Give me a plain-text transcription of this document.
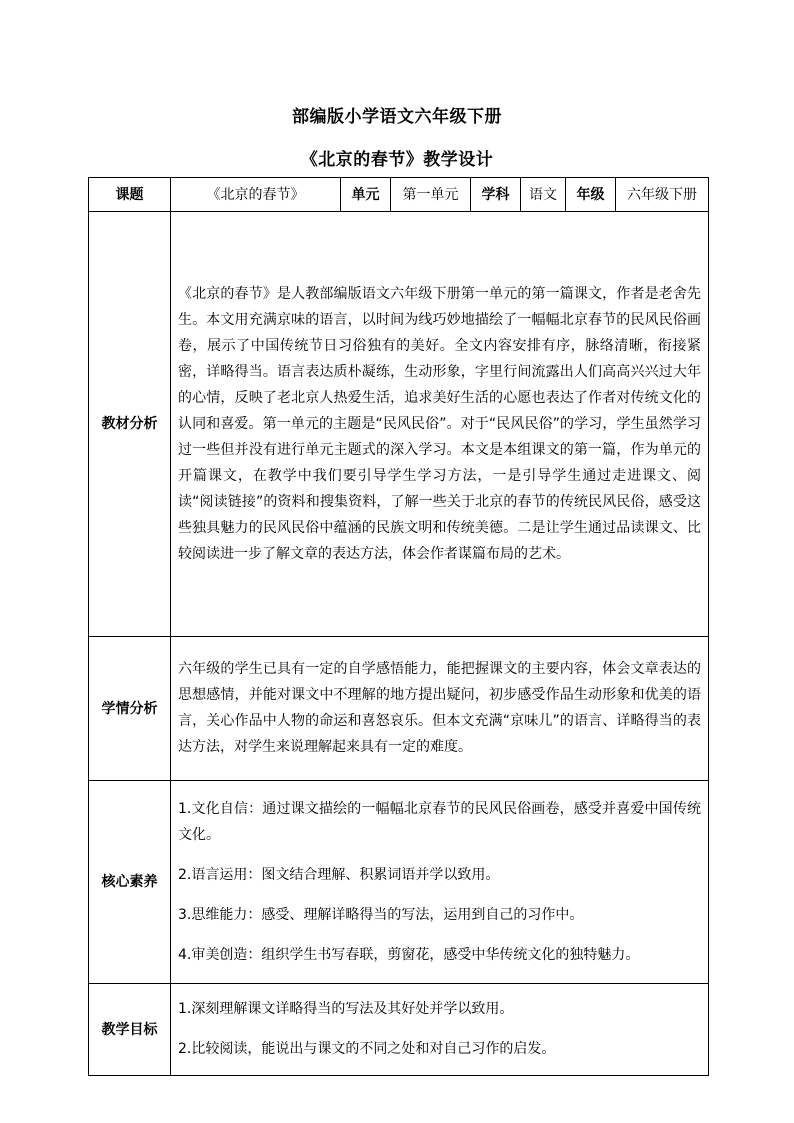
部编版小学语文六年级下册
《北京的春节》教学设计
课题	《北京的春节》	单元	第一单元	学科	语文	年级	六年级下册
教材分析	《北京的春节》是人教部编版语文六年级下册第一单元的第一篇课文，作者是老舍先生。本文用充满京味的语言，以时间为线巧妙地描绘了一幅幅北京春节的民风民俗画卷，展示了中国传统节日习俗独有的美好。全文内容安排有序，脉络清晰，衔接紧密，详略得当。语言表达质朴凝练，生动形象，字里行间流露出人们高高兴兴过大年的心情，反映了老北京人热爱生活，追求美好生活的心愿也表达了作者对传统文化的认同和喜爱。第一单元的主题是“民风民俗”。对于“民风民俗”的学习，学生虽然学习过一些但并没有进行单元主题式的深入学习。本文是本组课文的第一篇，作为单元的开篇课文，在教学中我们要引导学生学习方法，一是引导学生通过走进课文、阅读“阅读链接”的资料和搜集资料，了解一些关于北京的春节的传统民风民俗，感受这些独具魅力的民风民俗中蕴涵的民族文明和传统美德。二是让学生通过品读课文、比较阅读进一步了解文章的表达方法，体会作者谋篇布局的艺术。						

学情分析	六年级的学生已具有一定的自学感悟能力，能把握课文的主要内容，体会文章表达的思想感情，并能对课文中不理解的地方提出疑问，初步感受作品生动形象和优美的语言，关心作品中人物的命运和喜怒哀乐。但本文充满“京味儿”的语言、详略得当的表达方法，对学生来说理解起来具有一定的难度。						

核心素养	1.文化自信：通过课文描绘的一幅幅北京春节的民风民俗画卷，感受并喜爱中国传统文化。

2.语言运用：图文结合理解、积累词语并学以致用。

3.思维能力：感受、理解详略得当的写法，运用到自己的习作中。

4.审美创造：组织学生书写春联，剪窗花，感受中华传统文化的独特魅力。						

教学目标	1.深刻理解课文详略得当的写法及其好处并学以致用。

2.比较阅读，能说出与课文的不同之处和对自己习作的启发。						
